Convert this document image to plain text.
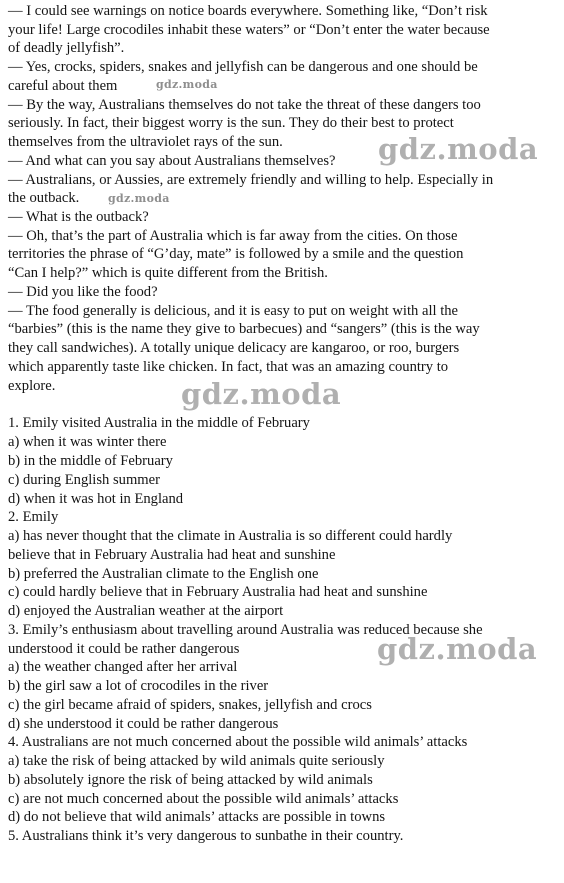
— I could see warnings on notice boards everywhere. Something like, “Don’t risk
your life! Large crocodiles inhabit these waters” or “Don’t enter the water because
of deadly jellyfish”.
— Yes, crocks, spiders, snakes and jellyfish can be dangerous and one should be
careful about them
— By the way, Australians themselves do not take the threat of these dangers too
seriously. In fact, their biggest worry is the sun. They do their best to protect
themselves from the ultraviolet rays of the sun.
— And what can you say about Australians themselves?
— Australians, or Aussies, are extremely friendly and willing to help. Especially in
the outback.
— What is the outback?
— Oh, that’s the part of Australia which is far away from the cities. On those
territories the phrase of “G’day, mate” is followed by a smile and the question
“Can I help?” which is quite different from the British.
— Did you like the food?
— The food generally is delicious, and it is easy to put on weight with all the
“barbies” (this is the name they give to barbecues) and “sangers” (this is the way
they call sandwiches). A totally unique delicacy are kangaroo, or roo, burgers
which apparently taste like chicken. In fact, that was an amazing country to
explore.
1. Emily visited Australia in the middle of February
a) when it was winter there
b) in the middle of February
c) during English summer
d) when it was hot in England
2. Emily
a) has never thought that the climate in Australia is so different could hardly
believe that in February Australia had heat and sunshine
b) preferred the Australian climate to the English one
c) could hardly believe that in February Australia had heat and sunshine
d) enjoyed the Australian weather at the airport
3. Emily’s enthusiasm about travelling around Australia was reduced because she
understood it could be rather dangerous
a) the weather changed after her arrival
b) the girl saw a lot of crocodiles in the river
c) the girl became afraid of spiders, snakes, jellyfish and crocs
d) she understood it could be rather dangerous
4. Australians are not much concerned about the possible wild animals’ attacks
a) take the risk of being attacked by wild animals quite seriously
b) absolutely ignore the risk of being attacked by wild animals
c) are not much concerned about the possible wild animals’ attacks
d) do not believe that wild animals’ attacks are possible in towns
5. Australians think it’s very dangerous to sunbathe in their country.
gdz.moda
gdz.moda
gdz.moda
gdz.moda
gdz.moda
